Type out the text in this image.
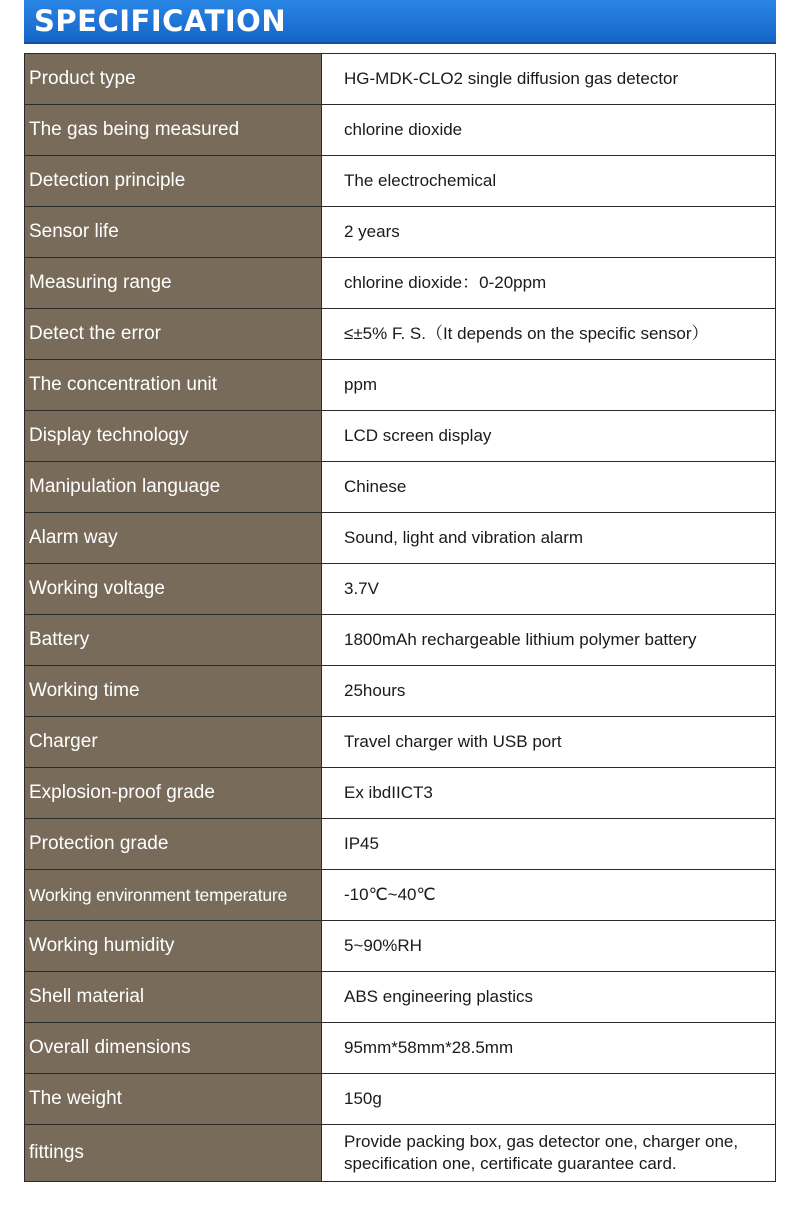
SPECIFICATION
Product type	HG-MDK-CLO2 single diffusion gas detector
The gas being measured	chlorine dioxide
Detection principle	The electrochemical
Sensor life	2 years
Measuring range	chlorine dioxide：0-20ppm
Detect the error	≤±5% F. S.（It depends on the specific sensor）
The concentration unit	ppm
Display technology	LCD screen display
Manipulation language	Chinese
Alarm way	Sound, light and vibration alarm
Working voltage	3.7V
Battery	1800mAh rechargeable lithium polymer battery
Working time	25hours
Charger	Travel charger with USB port
Explosion-proof grade	Ex ibdIICT3
Protection grade	IP45
Working environment temperature	-10℃~40℃
Working humidity	5~90%RH
Shell material	ABS engineering plastics
Overall dimensions	95mm*58mm*28.5mm
The weight	150g
fittings	Provide packing box, gas detector one, charger one, specification one, certificate guarantee card.
